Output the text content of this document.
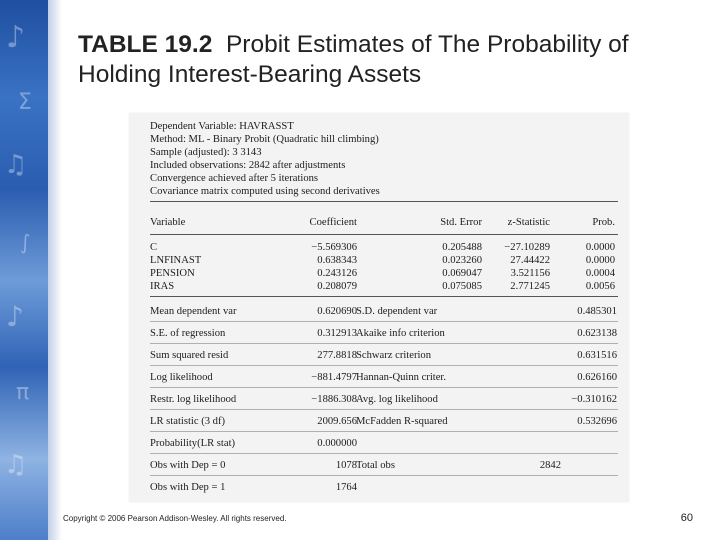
♪
Σ
♫
∫
♪
π
♫
TABLE 19.2 Probit Estimates of The Probability of Holding Interest-Bearing Assets
Dependent Variable: HAVRASST
Method: ML - Binary Probit (Quadratic hill climbing)
Sample (adjusted): 3 3143
Included observations: 2842 after adjustments
Convergence achieved after 5 iterations
Covariance matrix computed using second derivatives
Variable	Coefficient	Std. Error z-Statistic	Prob.
C	−5.569306	0.205488 −27.10289	0.0000
LNFINAST	0.638343	0.023260	27.44422	0.0000
PENSION	0.243126	0.069047	3.521156	0.0004
IRAS	0.208079	0.075085	2.771245	0.0056
Mean dependent var	0.620690 S.D. dependent var	0.485301
S.E. of regression	0.312913 Akaike info criterion	0.623138
Sum squared resid	277.8818 Schwarz criterion	0.631516
Log likelihood	−881.4797 Hannan-Quinn criter.	0.626160
Restr. log likelihood	−1886.308 Avg. log likelihood	−0.310162
LR statistic (3 df)	2009.656 McFadden R-squared	0.532696
Probability(LR stat)	0.000000
Obs with Dep = 0	1078 Total obs	2842
Obs with Dep = 1	1764
Copyright © 2006 Pearson Addison-Wesley. All rights reserved.	60
